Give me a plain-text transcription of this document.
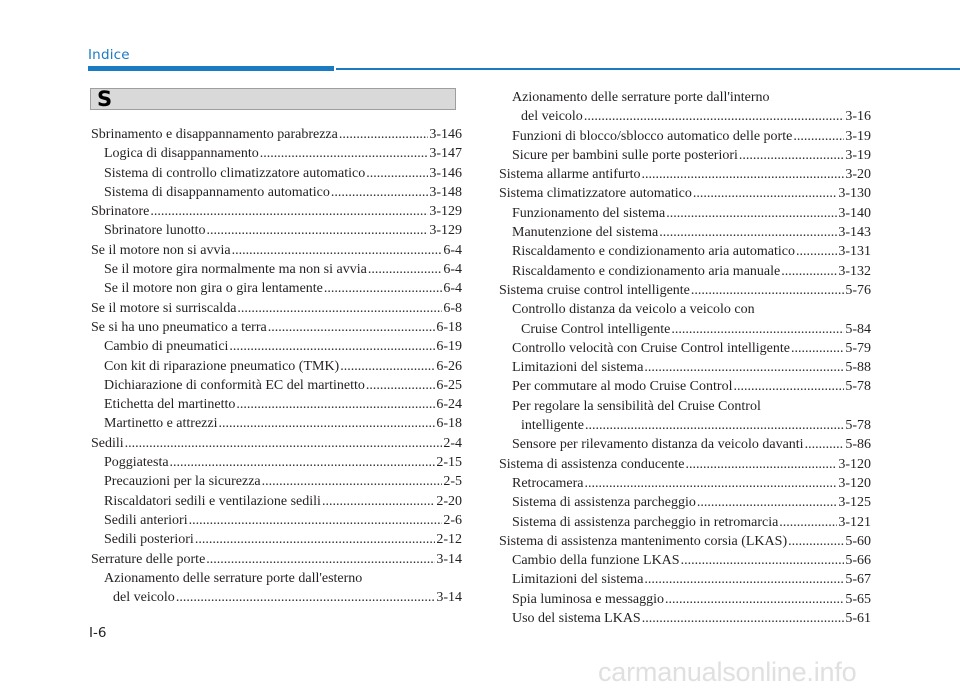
Indice
S
Sbrinamento e disappannamento parabrezza .....	3-146
Logica di disappannamento .....	3-147
Sistema di controllo climatizzatore automatico .....	3-146
Sistema di disappannamento automatico .....	3-148
Sbrinatore .....	3-129
Sbrinatore lunotto .....	3-129
Se il motore non si avvia .....	6-4
Se il motore gira normalmente ma non si avvia .....	6-4
Se il motore non gira o gira lentamente .....	6-4
Se il motore si surriscalda .....	6-8
Se si ha uno pneumatico a terra .....	6-18
Cambio di pneumatici .....	6-19
Con kit di riparazione pneumatico (TMK) .....	6-26
Dichiarazione di conformità EC del martinetto .....	6-25
Etichetta del martinetto .....	6-24
Martinetto e attrezzi .....	6-18
Sedili .....	2-4
Poggiatesta .....	2-15
Precauzioni per la sicurezza .....	2-5
Riscaldatori sedili e ventilazione sedili .....	2-20
Sedili anteriori .....	2-6
Sedili posteriori .....	2-12
Serrature delle porte .....	3-14
Azionamento delle serrature porte dall'esterno
del veicolo .....	3-14
Azionamento delle serrature porte dall'interno
del veicolo .....	3-16
Funzioni di blocco/sblocco automatico delle porte .....	3-19
Sicure per bambini sulle porte posteriori .....	3-19
Sistema allarme antifurto .....	3-20
Sistema climatizzatore automatico .....	3-130
Funzionamento del sistema .....	3-140
Manutenzione del sistema .....	3-143
Riscaldamento e condizionamento aria automatico .....	3-131
Riscaldamento e condizionamento aria manuale .....	3-132
Sistema cruise control intelligente .....	5-76
Controllo distanza da veicolo a veicolo con
Cruise Control intelligente .....	5-84
Controllo velocità con Cruise Control intelligente .....	5-79
Limitazioni del sistema .....	5-88
Per commutare al modo Cruise Control .....	5-78
Per regolare la sensibilità del Cruise Control
intelligente .....	5-78
Sensore per rilevamento distanza da veicolo davanti .....	5-86
Sistema di assistenza conducente .....	3-120
Retrocamera .....	3-120
Sistema di assistenza parcheggio .....	3-125
Sistema di assistenza parcheggio in retromarcia .....	3-121
Sistema di assistenza mantenimento corsia (LKAS) .....	5-60
Cambio della funzione LKAS .....	5-66
Limitazioni del sistema .....	5-67
Spia luminosa e messaggio .....	5-65
Uso del sistema LKAS .....	5-61
I-6
carmanualsonline.info
